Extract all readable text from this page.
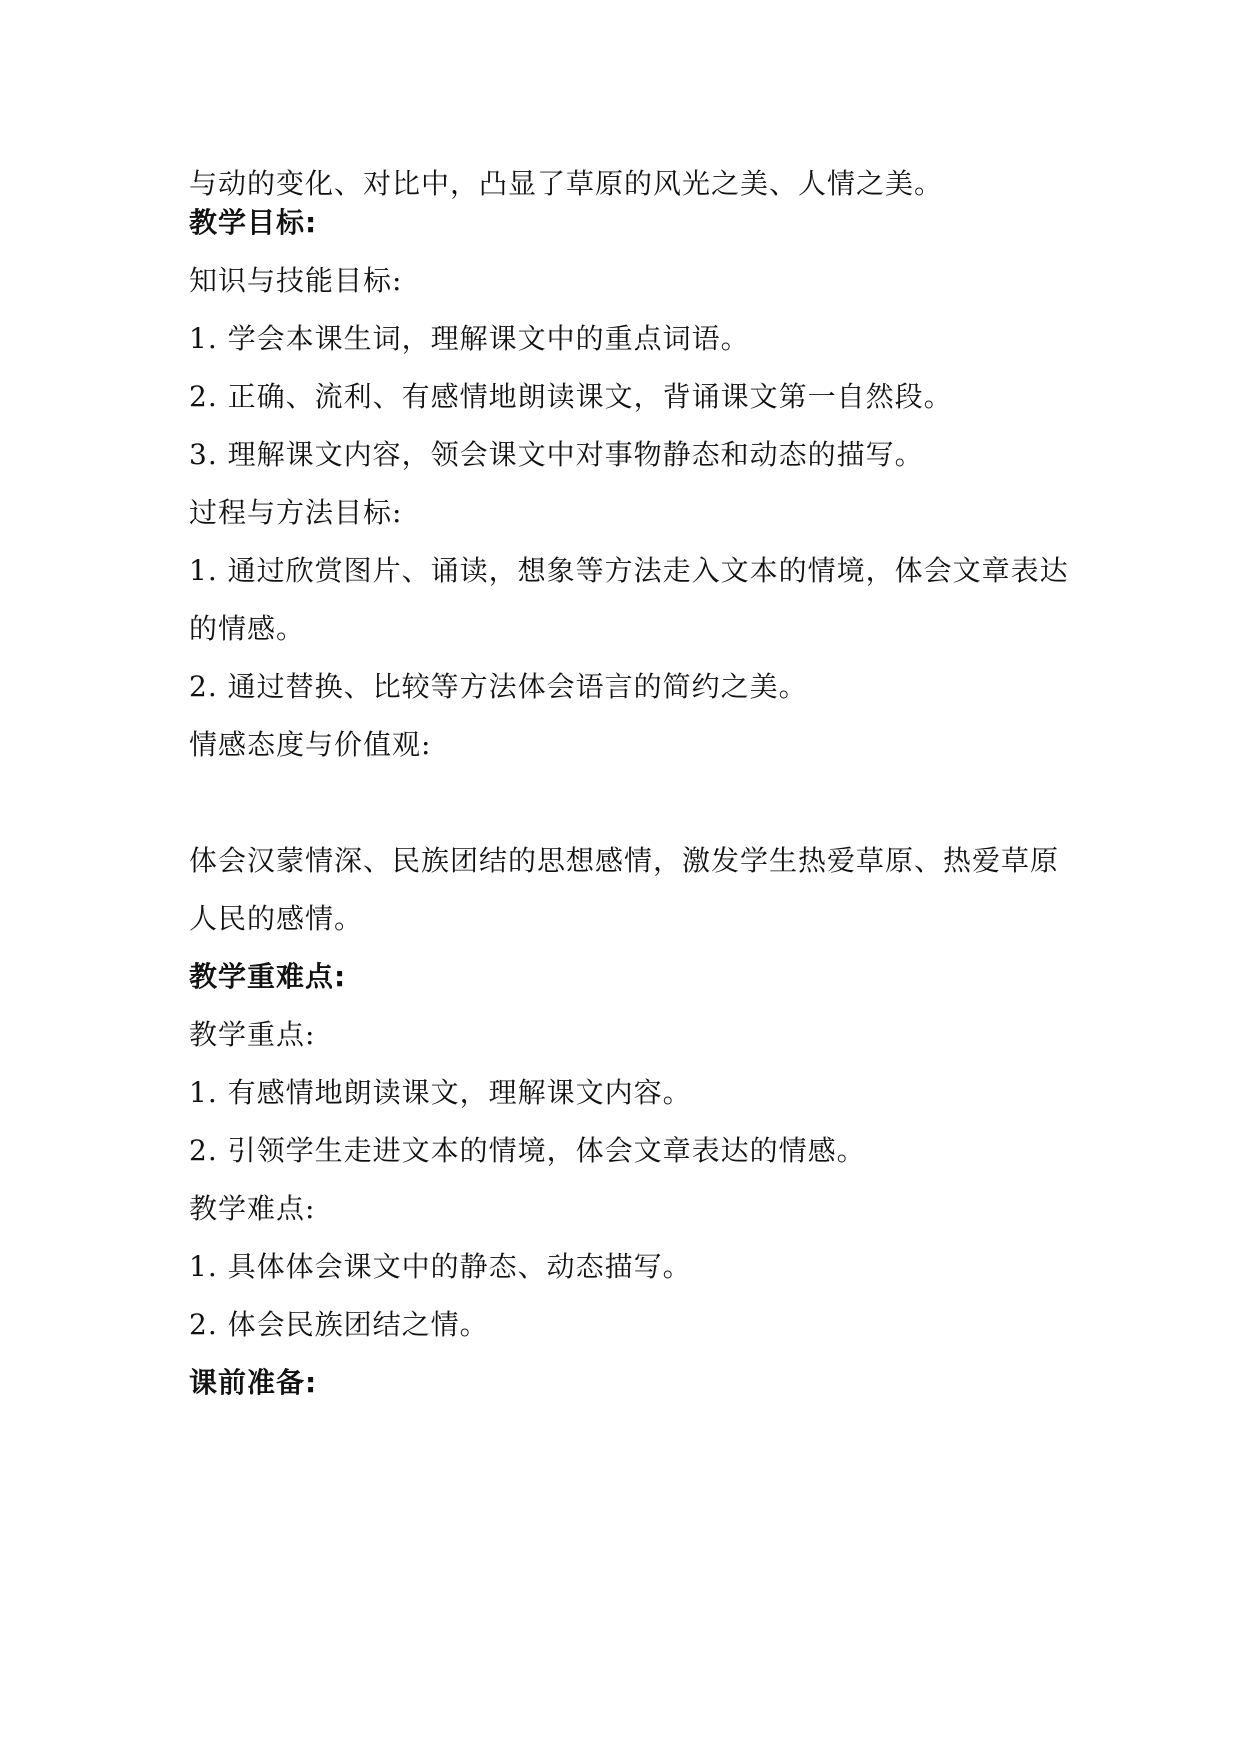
与动的变化、对比中，凸显了草原的风光之美、人情之美。
教学目标:
知识与技能目标:
1. 学会本课生词，理解课文中的重点词语。
2. 正确、流利、有感情地朗读课文，背诵课文第一自然段。
3. 理解课文内容，领会课文中对事物静态和动态的描写。
过程与方法目标:
1. 通过欣赏图片、诵读，想象等方法走入文本的情境，体会文章表达
的情感。
2. 通过替换、比较等方法体会语言的简约之美。
情感态度与价值观:
体会汉蒙情深、民族团结的思想感情，激发学生热爱草原、热爱草原
人民的感情。
教学重难点:
教学重点:
1. 有感情地朗读课文，理解课文内容。
2. 引领学生走进文本的情境，体会文章表达的情感。
教学难点:
1. 具体体会课文中的静态、动态描写。
2. 体会民族团结之情。
课前准备:
